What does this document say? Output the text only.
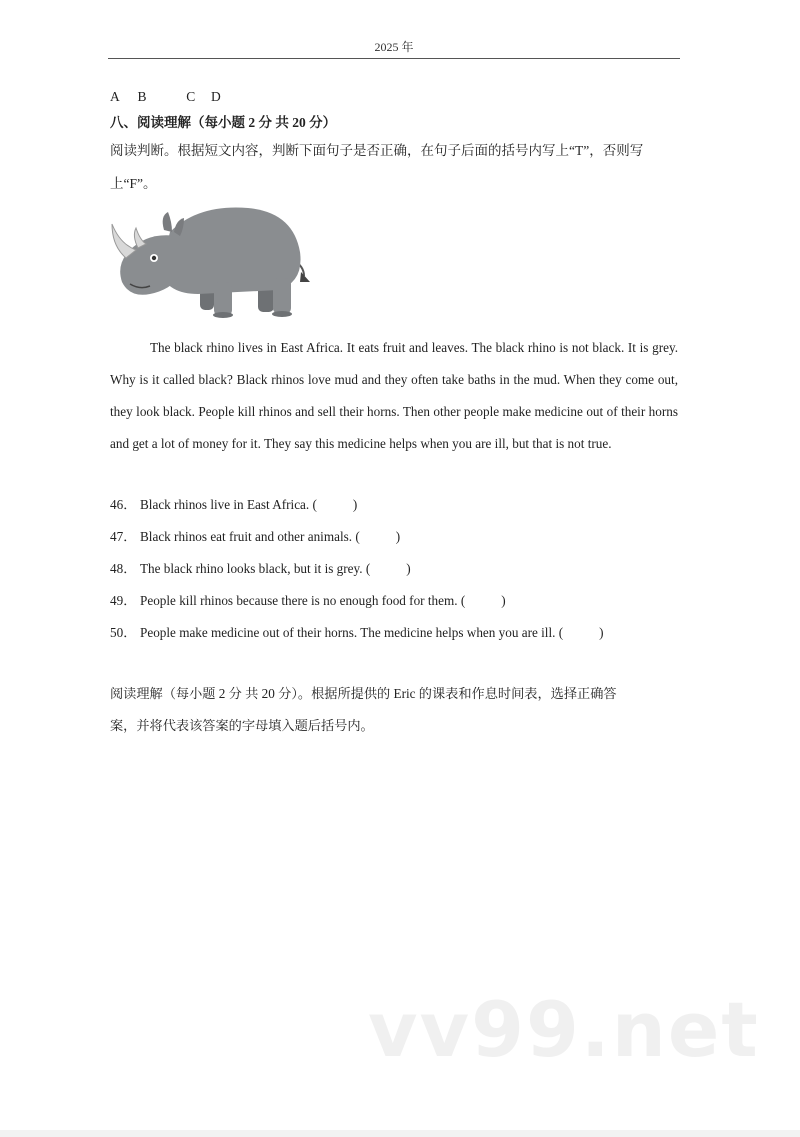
2025 年
A B	C D
八、阅读理解（每小题 2 分 共 20 分）
阅读判断。根据短文内容，判断下面句子是否正确，在句子后面的括号内写上“T”，否则写
上“F”。

The black rhino lives in East Africa. It eats fruit and leaves. The black rhino is not black. It is grey. Why is it called black? Black rhinos love mud and they often take baths in the mud. When they come out, they look black. People kill rhinos and sell their horns. Then other people make medicine out of their horns and get a lot of money for it. They say this medicine helps when you are ill, but that is not true.

46． Black rhinos live in East Africa. (	)
47． Black rhinos eat fruit and other animals. (	)
48． The black rhino looks black, but it is grey. (	)
49． People kill rhinos because there is no enough food for them. (	)
50． People make medicine out of their horns. The medicine helps when you are ill. (	)
阅读理解（每小题 2 分 共 20 分）。根据所提供的 Eric 的课表和作息时间表，选择正确答
案，并将代表该答案的字母填入题后括号内。
vv99.net
